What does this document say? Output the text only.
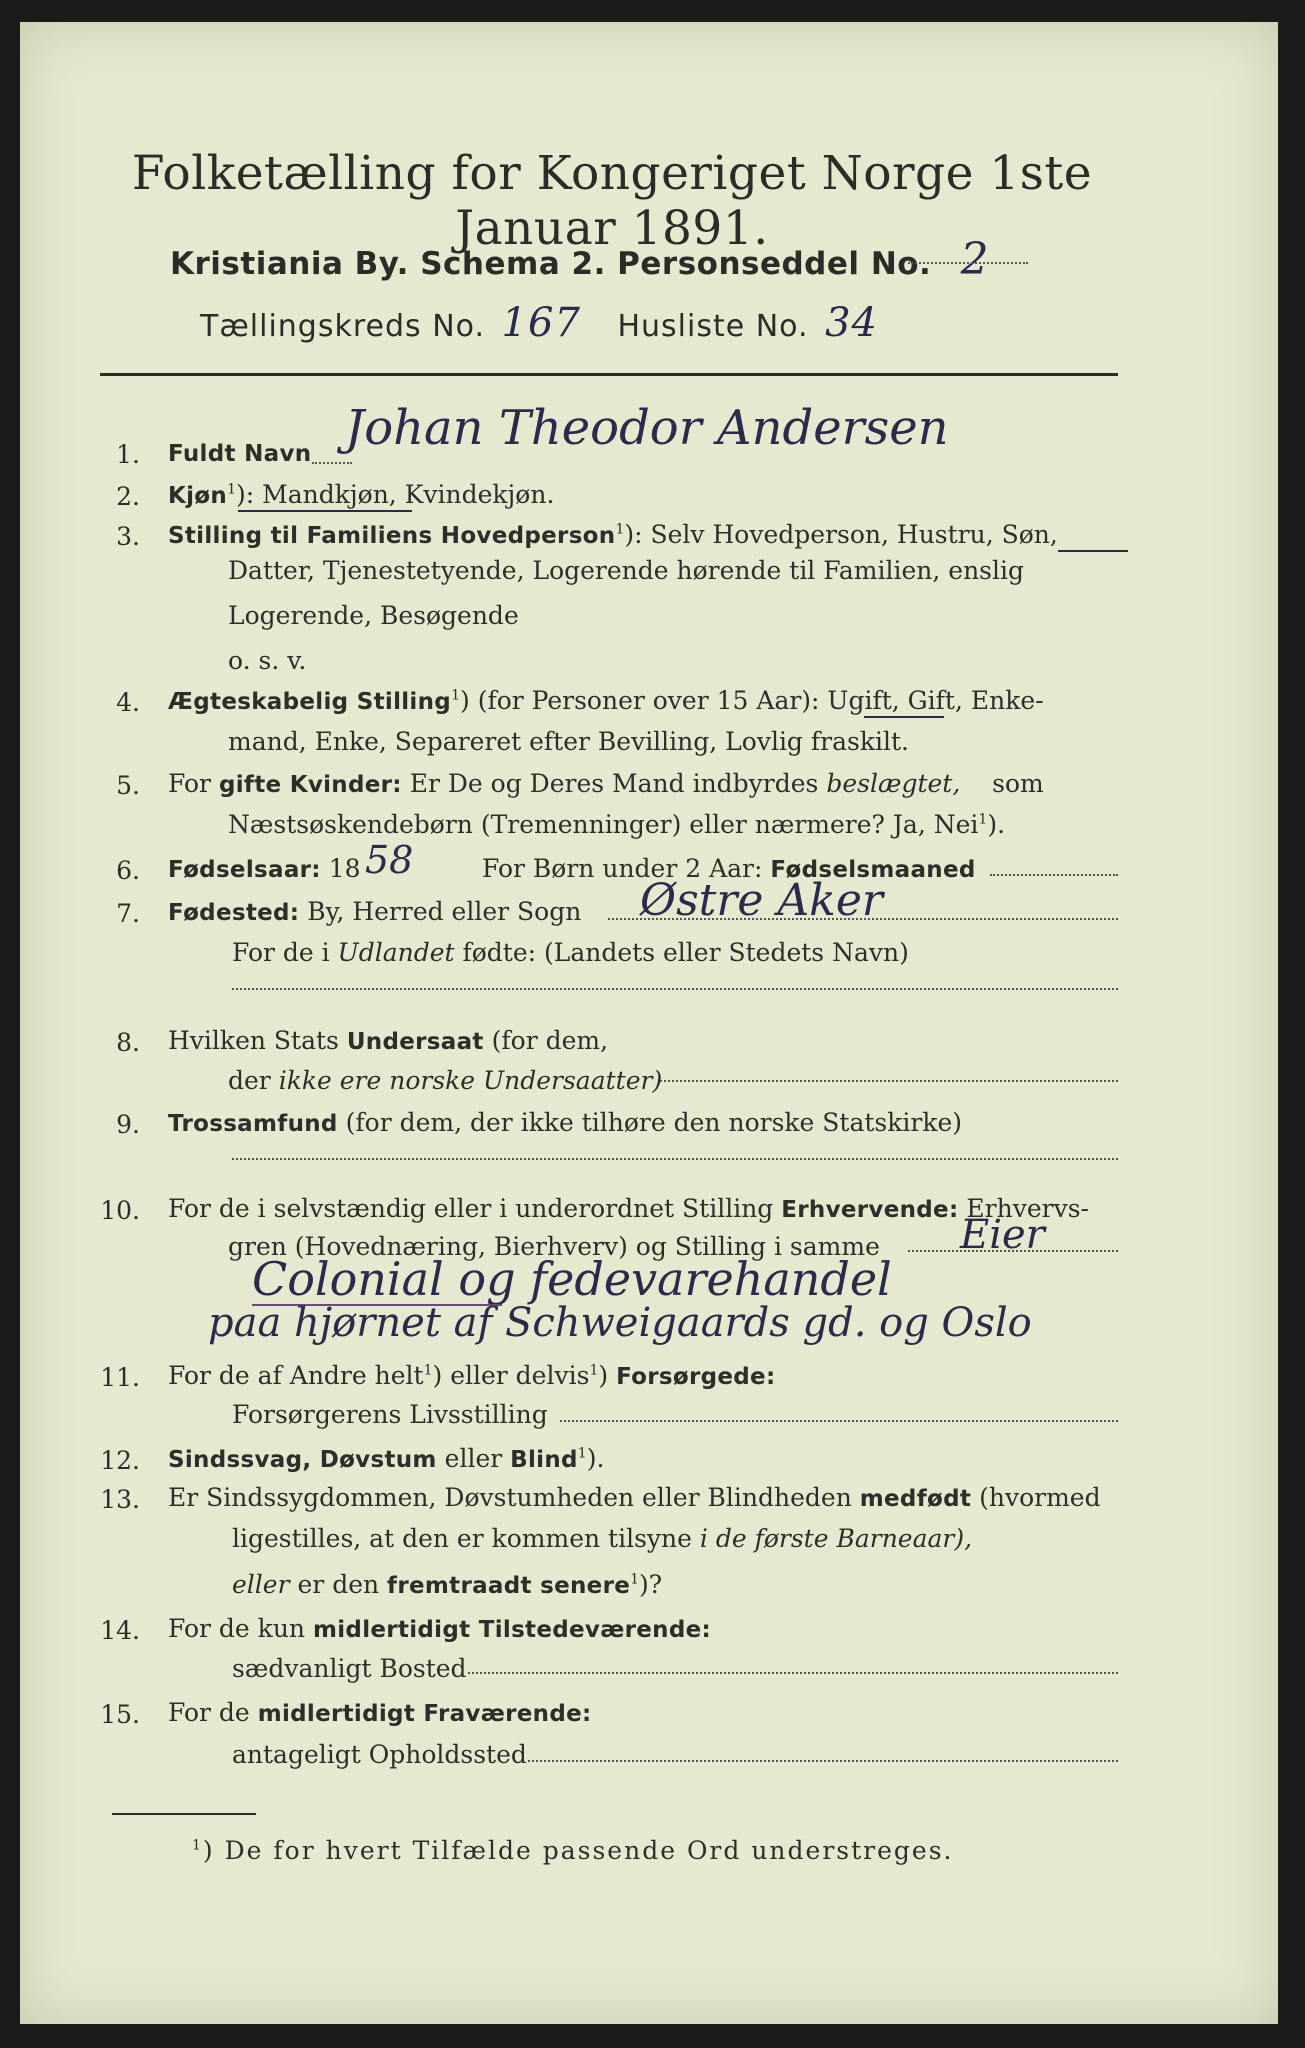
Folketælling for Kongeriget Norge 1ste Januar 1891.
Kristiania By. Schema 2. Personseddel No. 2
Tællingskreds No. 167 Husliste No. 34
1. Fuldt Navn Johan Theodor Andersen
2. Kjøn$^1$): Mandkjøn, Kvindekjøn.
3. Stilling til Familiens Hovedperson$^1$): Selv Hovedperson, Hustru, Søn,
Datter, Tjenestetyende, Logerende hørende til Familien, enslig
Logerende, Besøgende
o. s. v.
4. Ægteskabelig Stilling$^1$) (for Personer over 15 Aar): Ugift, Gift, Enke-
mand, Enke, Separeret efter Bevilling, Lovlig fraskilt.
5. For gifte Kvinder: Er De og Deres Mand indbyrdes beslægtet, som
Næstsøskendebørn (Tremenninger) eller nærmere? Ja, Nei$^1$).
6. Fødselsaar: 18 58	For Børn under 2 Aar: Fødselsmaaned
7. Fødested: By, Herred eller Sogn Østre Aker
For de i Udlandet fødte: (Landets eller Stedets Navn)
8. Hvilken Stats Undersaat (for dem,
der ikke ere norske Undersaatter)
9. Trossamfund (for dem, der ikke tilhøre den norske Statskirke)
10. For de i selvstændig eller i underordnet Stilling Erhvervende: Erhvervs-
gren (Hovednæring, Bierhverv) og Stilling i samme Eier
Colonial og fedevarehandel
paa hjørnet af Schweigaards gd. og Oslo
11. For de af Andre helt$^1$) eller delvis$^1$) Forsørgede:
Forsørgerens Livsstilling
12. Sindssvag, Døvstum eller Blind$^1$).
13. Er Sindssygdommen, Døvstumheden eller Blindheden medfødt (hvormed
ligestilles, at den er kommen tilsyne i de første Barneaar),
eller er den fremtraadt senere$^1$)?
14. For de kun midlertidigt Tilstedeværende:
sædvanligt Bosted
15. For de midlertidigt Fraværende:
antageligt Opholdssted
$^1$) De for hvert Tilfælde passende Ord understreges.
